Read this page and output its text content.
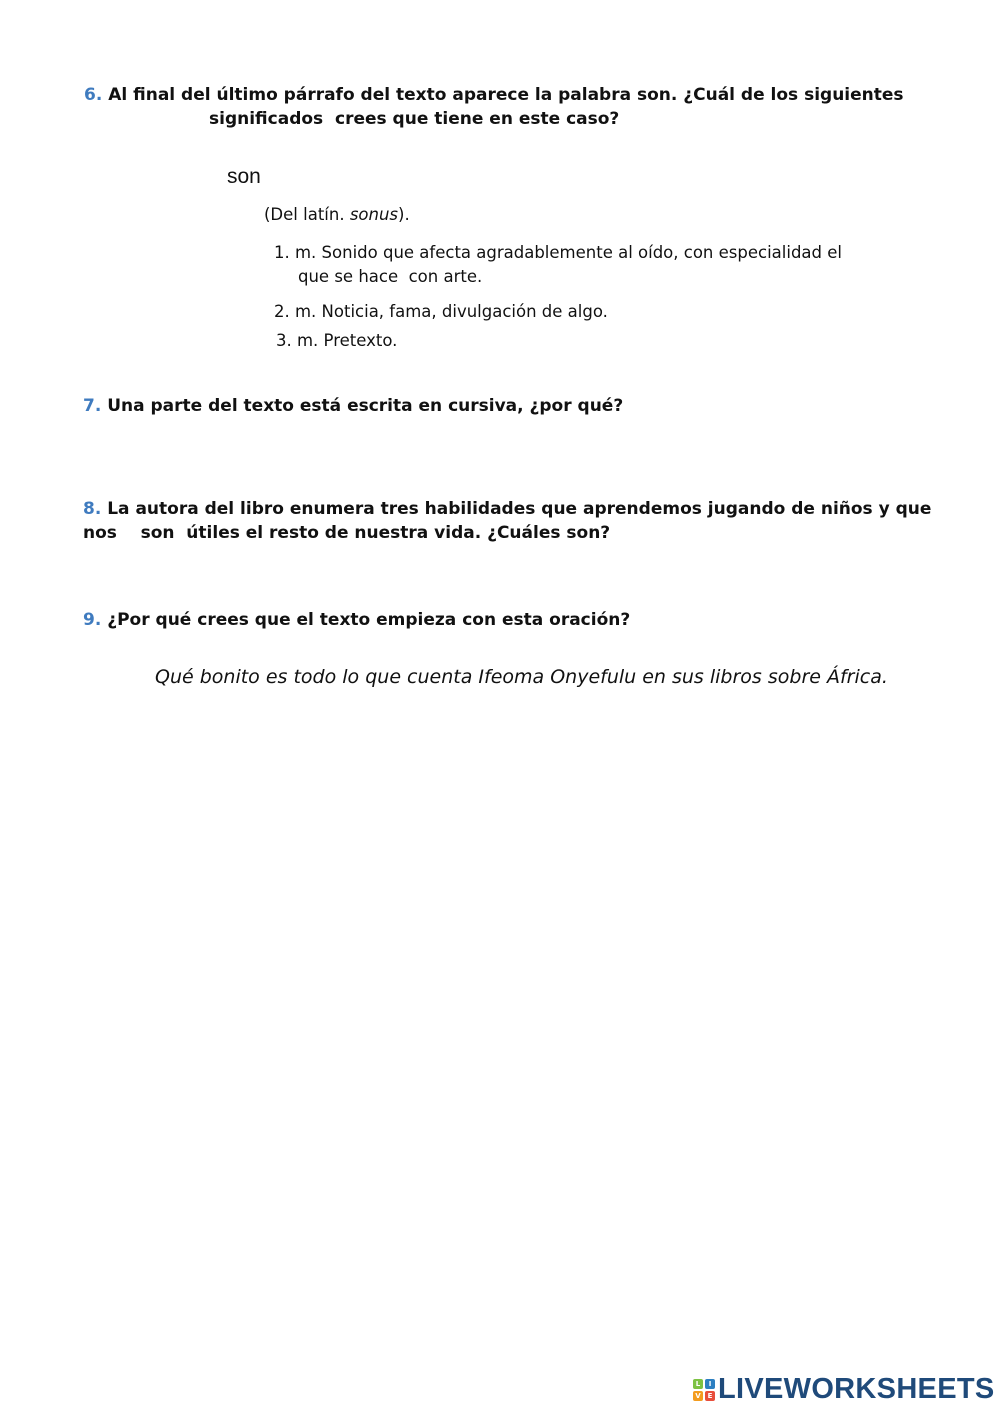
6. Al final del último párrafo del texto aparece la palabra son. ¿Cuál de los siguientes
significados  crees que tiene en este caso?
son
(Del latín. sonus).
1. m. Sonido que afecta agradablemente al oído, con especialidad el
que se hace  con arte.
2. m. Noticia, fama, divulgación de algo.
3. m. Pretexto.
7. Una parte del texto está escrita en cursiva, ¿por qué?
8. La autora del libro enumera tres habilidades que aprendemos jugando de niños y que
nos    son  útiles el resto de nuestra vida. ¿Cuáles son?
9. ¿Por qué crees que el texto empieza con esta oración?
Qué bonito es todo lo que cuenta Ifeoma Onyefulu en sus libros sobre África.
L	I
V E LIVEWORKSHEETS
